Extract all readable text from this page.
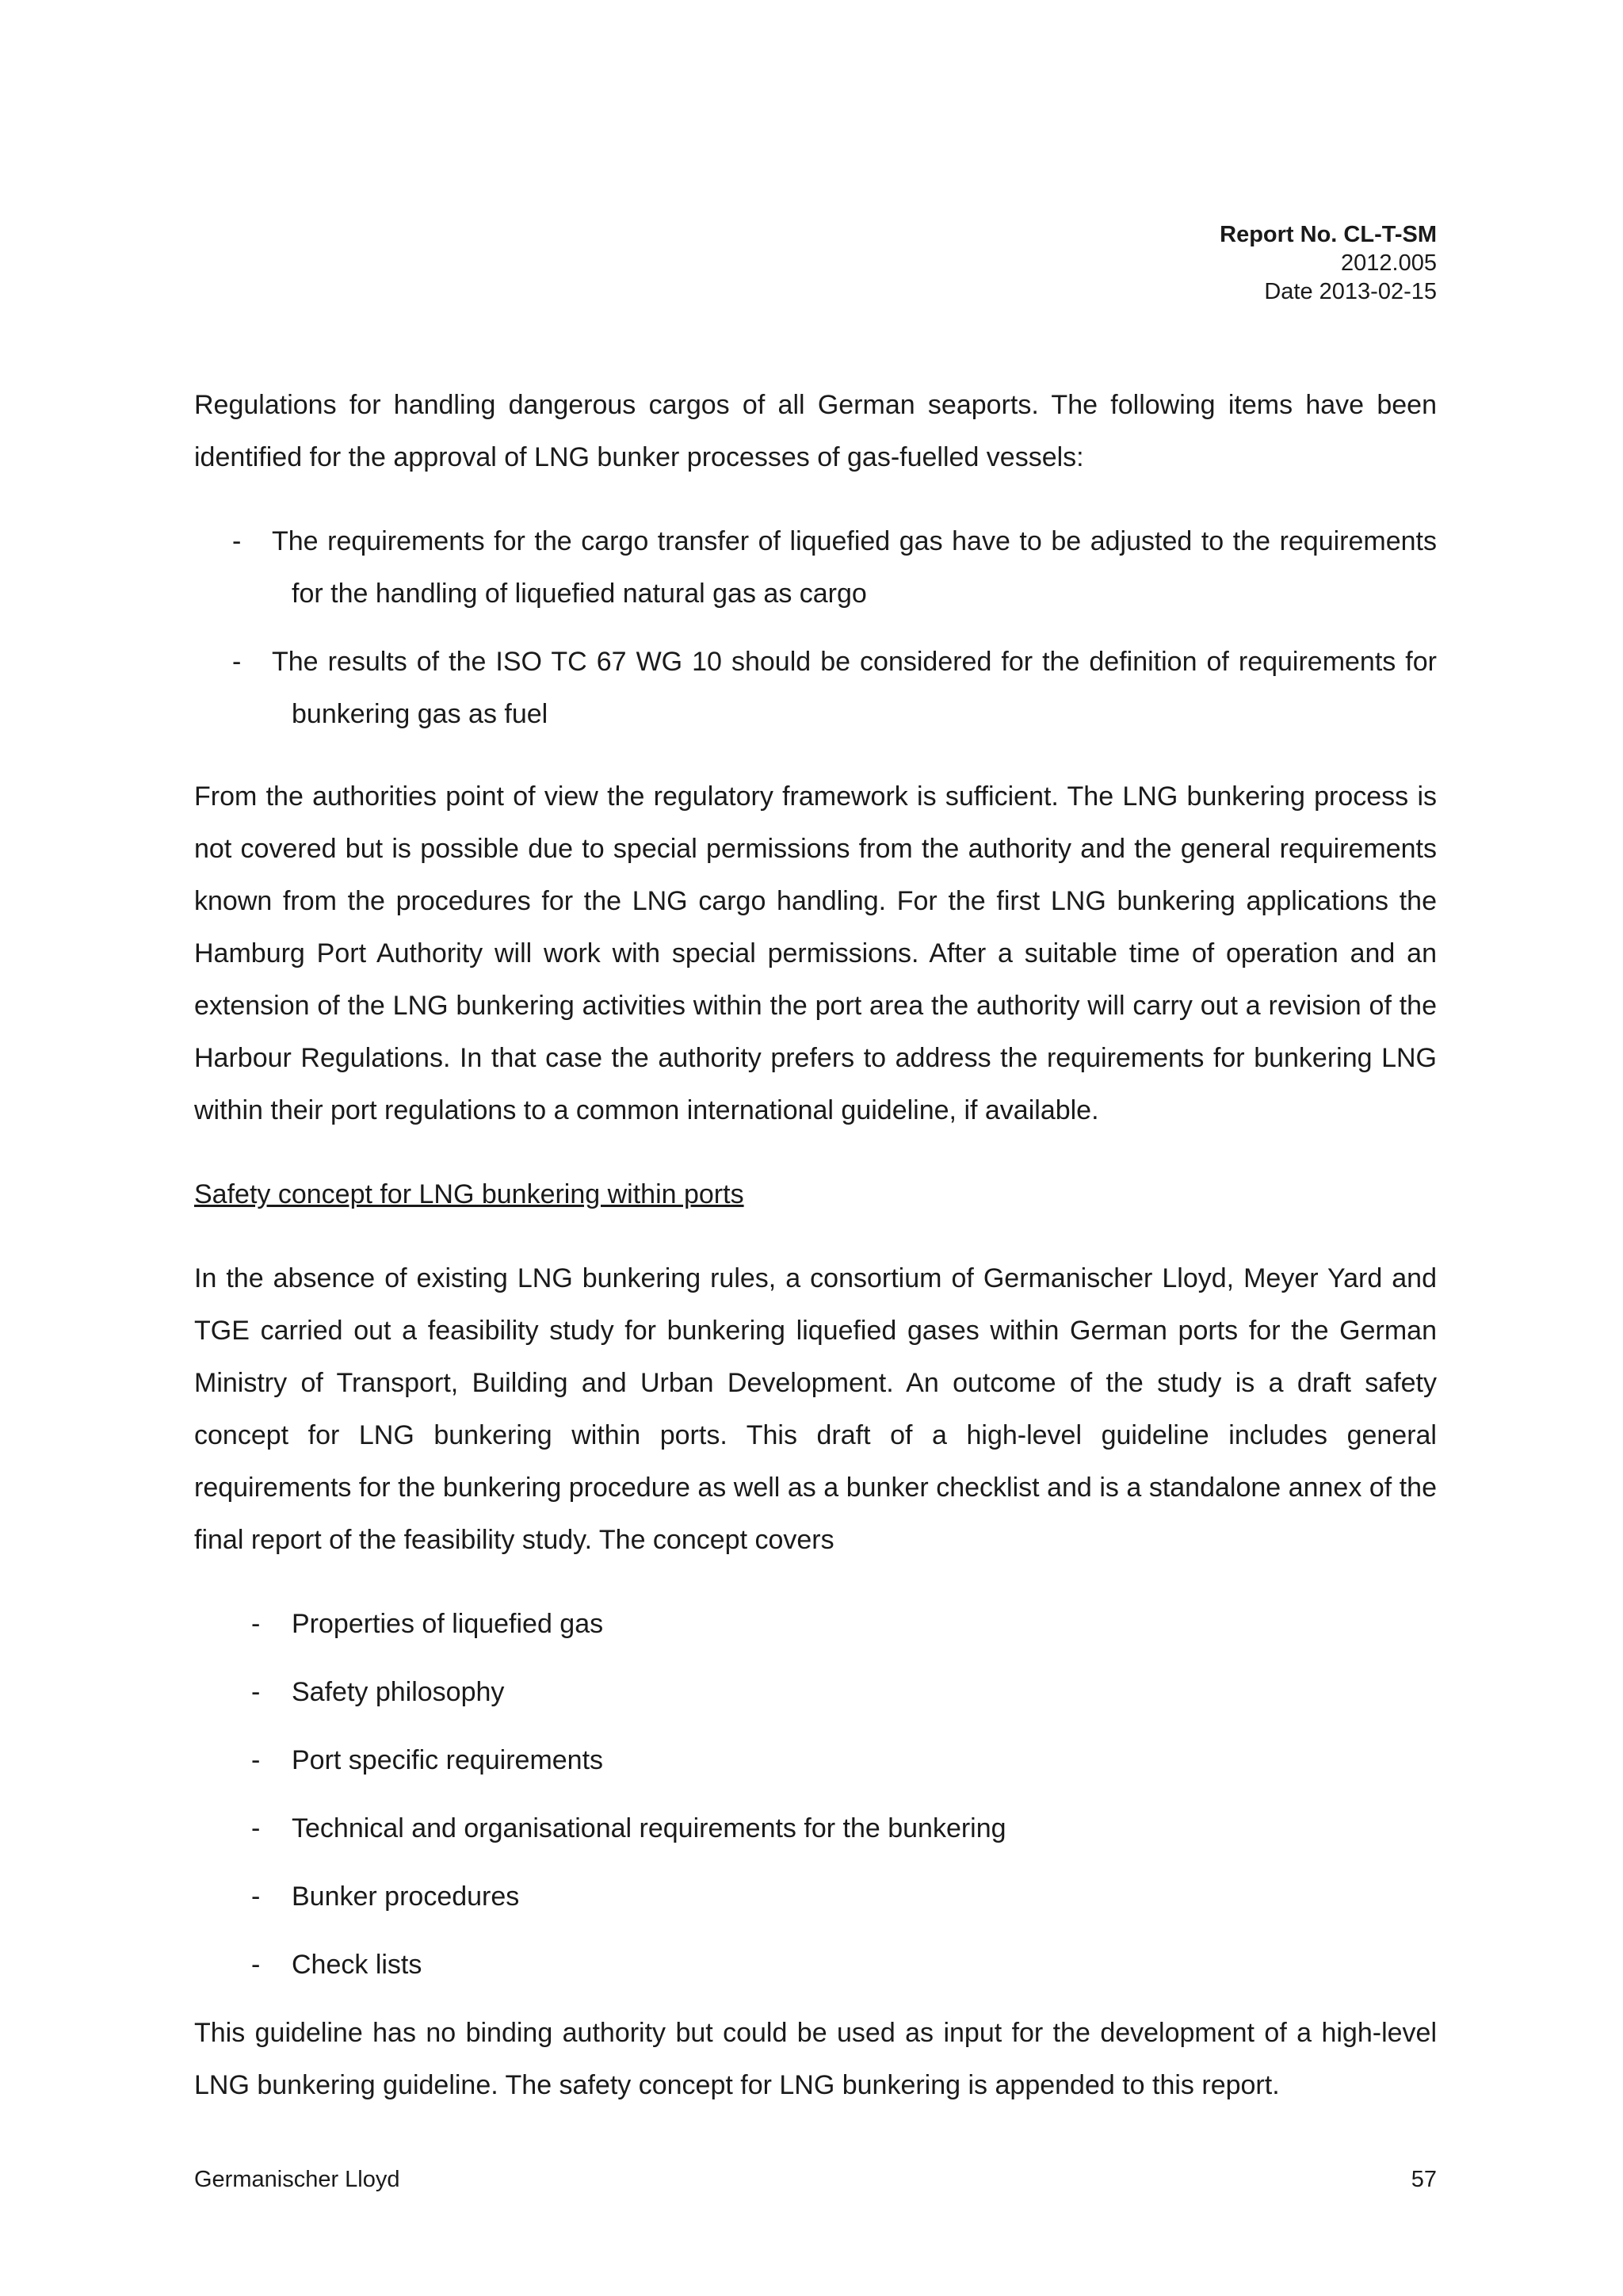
Report No. CL-T-SM
2012.005
Date 2013-02-15

Regulations for handling dangerous cargos of all German seaports. The following items have been identified for the approval of LNG bunker processes of gas-fuelled vessels:

- The requirements for the cargo transfer of liquefied gas have to be adjusted to the requirements for the handling of liquefied natural gas as cargo
- The results of the ISO TC 67 WG 10 should be considered for the definition of requirements for bunkering gas as fuel

From the authorities point of view the regulatory framework is sufficient. The LNG bunkering process is not covered but is possible due to special permissions from the authority and the general requirements known from the procedures for the LNG cargo handling. For the first LNG bunkering applications the Hamburg Port Authority will work with special permissions. After a suitable time of operation and an extension of the LNG bunkering activities within the port area the authority will carry out a revision of the Harbour Regulations. In that case the authority prefers to address the requirements for bunkering LNG within their port regulations to a common international guideline, if available.

Safety concept for LNG bunkering within ports

In the absence of existing LNG bunkering rules, a consortium of Germanischer Lloyd, Meyer Yard and TGE carried out a feasibility study for bunkering liquefied gases within German ports for the German Ministry of Transport, Building and Urban Development. An outcome of the study is a draft safety concept for LNG bunkering within ports. This draft of a high-level guideline includes general requirements for the bunkering procedure as well as a bunker checklist and is a standalone annex of the final report of the feasibility study. The concept covers

- Properties of liquefied gas
- Safety philosophy
- Port specific requirements
- Technical and organisational requirements for the bunkering
- Bunker procedures
- Check lists

This guideline has no binding authority but could be used as input for the development of a high-level LNG bunkering guideline. The safety concept for LNG bunkering is appended to this report.

Germanischer Lloyd	57
